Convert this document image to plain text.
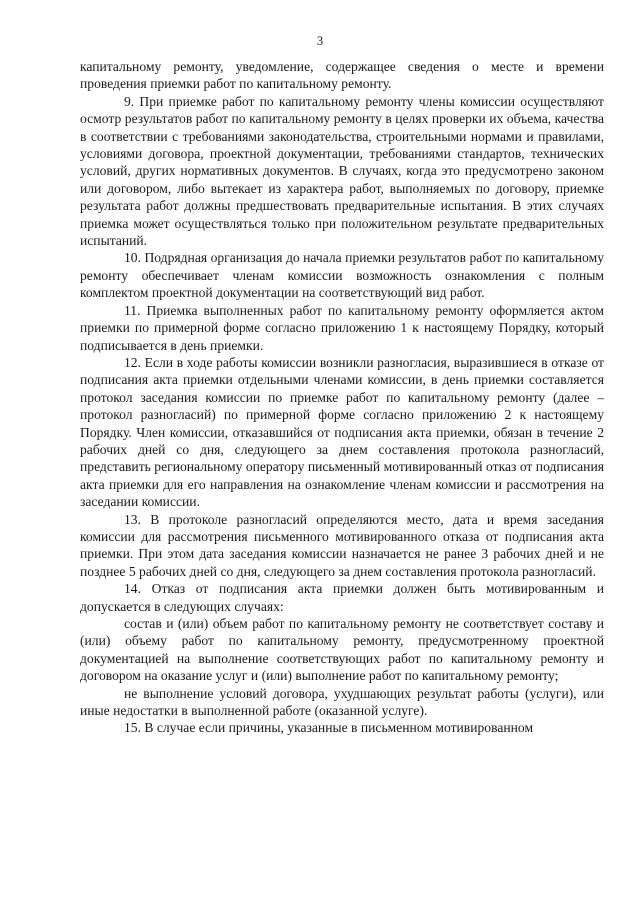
3

капитальному ремонту, уведомление, содержащее сведения о месте и времени проведения приемки работ по капитальному ремонту.

9. При приемке работ по капитальному ремонту члены комиссии осуществляют осмотр результатов работ по капитальному ремонту в целях проверки их объема, качества в соответствии с требованиями законодательства, строительными нормами и правилами, условиями договора, проектной документации, требованиями стандартов, технических условий, других нормативных документов. В случаях, когда это предусмотрено законом или договором, либо вытекает из характера работ, выполняемых по договору, приемке результата работ должны предшествовать предварительные испытания. В этих случаях приемка может осуществляться только при положительном результате предварительных испытаний.

10. Подрядная организация до начала приемки результатов работ по капитальному ремонту обеспечивает членам комиссии возможность ознакомления с полным комплектом проектной документации на соответствующий вид работ.

11. Приемка выполненных работ по капитальному ремонту оформляется актом приемки по примерной форме согласно приложению 1 к настоящему Порядку, который подписывается в день приемки.

12. Если в ходе работы комиссии возникли разногласия, выразившиеся в отказе от подписания акта приемки отдельными членами комиссии, в день приемки составляется протокол заседания комиссии по приемке работ по капитальному ремонту (далее – протокол разногласий) по примерной форме согласно приложению 2 к настоящему Порядку. Член комиссии, отказавшийся от подписания акта приемки, обязан в течение 2 рабочих дней со дня, следующего за днем составления протокола разногласий, представить региональному оператору письменный мотивированный отказ от подписания акта приемки для его направления на ознакомление членам комиссии и рассмотрения на заседании комиссии.

13. В протоколе разногласий определяются место, дата и время заседания комиссии для рассмотрения письменного мотивированного отказа от подписания акта приемки. При этом дата заседания комиссии назначается не ранее 3 рабочих дней и не позднее 5 рабочих дней со дня, следующего за днем составления протокола разногласий.

14. Отказ от подписания акта приемки должен быть мотивированным и допускается в следующих случаях:

состав и (или) объем работ по капитальному ремонту не соответствует составу и (или) объему работ по капитальному ремонту, предусмотренному проектной документацией на выполнение соответствующих работ по капитальному ремонту и договором на оказание услуг и (или) выполнение работ по капитальному ремонту;

не выполнение условий договора, ухудшающих результат работы (услуги), или иные недостатки в выполненной работе (оказанной услуге).

15. В случае если причины, указанные в письменном мотивированном
